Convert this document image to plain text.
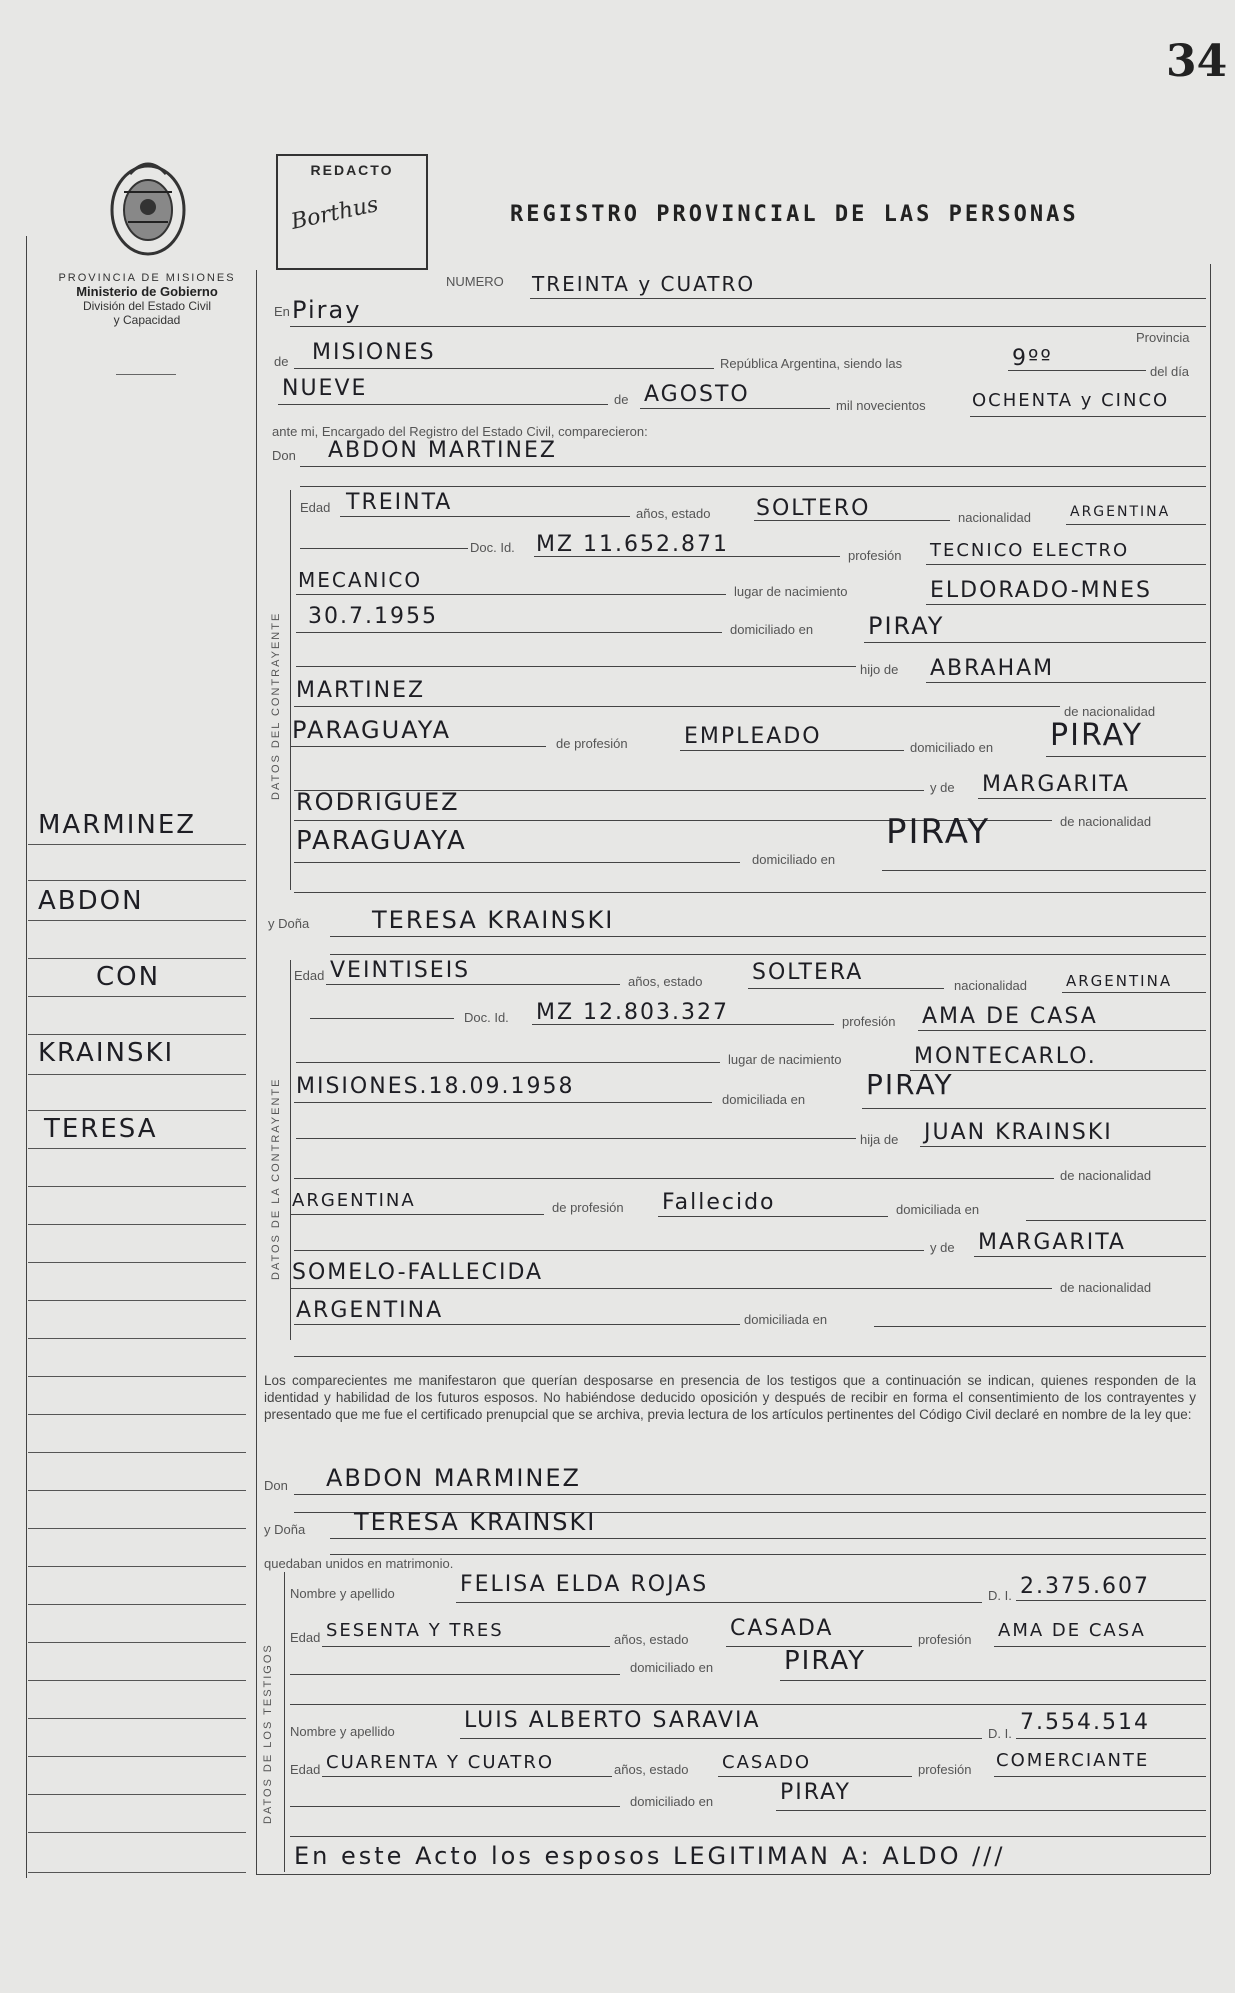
34
PROVINCIA DE MISIONES
Ministerio de Gobierno
División del Estado Civil
y Capacidad
REDACTO
Borthus	REGISTRO PROVINCIAL DE LAS PERSONAS
MARMINEZ
ABDON
CON
KRAINSKI
TERESA
NUMERO TREINTA y CUATRO
En Piray
Provincia
de MISIONES	República Argentina, siendo las	9ºº
del día
NUEVE	de AGOSTO	mil novecientos	OCHENTA y CINCO
ante mi, Encargado del Registro del Estado Civil, comparecieron:
Don ABDON MARTINEZ
DATOS DEL CONTRAYENTE
Edad TREINTA	años, estado SOLTERO	nacionalidad	ARGENTINA
Doc. Id. MZ 11.652.871	profesión TECNICO ELECTRO
MECANICO	lugar de nacimiento	ELDORADO-MNES
30.7.1955
domiciliado en PIRAY
hijo de ABRAHAM
MARTINEZ
de nacionalidad
PARAGUAYA	de profesión	EMPLEADO	domiciliado en PIRAY
y de MARGARITA
RODRIGUEZ
de nacionalidad
PARAGUAYA
domiciliado en
PIRAY
y Doña	TERESA KRAINSKI
DATOS DE LA CONTRAYENTE
Edad VEINTISEIS	años, estado SOLTERA
nacionalidad	ARGENTINA
Doc. Id. MZ 12.803.327	profesión AMA DE CASA
lugar de nacimiento	MONTECARLO.
MISIONES.18.09.1958
domiciliada en PIRAY
hija de JUAN KRAINSKI
de nacionalidad
ARGENTINA	de profesión Fallecido	domiciliada en
y de MARGARITA
SOMELO-FALLECIDA
de nacionalidad
ARGENTINA	domiciliada en
Los comparecientes me manifestaron que querían desposarse en presencia de los testigos que a continuación se indican, quienes responden de la identidad y habilidad de los futuros esposos. No habiéndose deducido oposición y después de recibir en forma el consentimiento de los contrayentes y presentado que me fue el certificado prenupcial que se archiva, previa lectura de los artículos pertinentes del Código Civil declaré en nombre de la ley que:
Don ABDON MARMINEZ
y Doña TERESA KRAINSKI
quedaban unidos en matrimonio.
DATOS DE LOS TESTIGOS
Nombre y apellido	FELISA ELDA ROJAS	D. I. 2.375.607
Edad SESENTA Y TRES	años, estado CASADA	profesión AMA DE CASA
domiciliado en	PIRAY
Nombre y apellido	LUIS ALBERTO SARAVIA
D. I. 7.554.514
Edad CUARENTA Y CUATRO	años, estado CASADO	profesión COMERCIANTE
domiciliado en	PIRAY
En este Acto los esposos LEGITIMAN A: ALDO ///
